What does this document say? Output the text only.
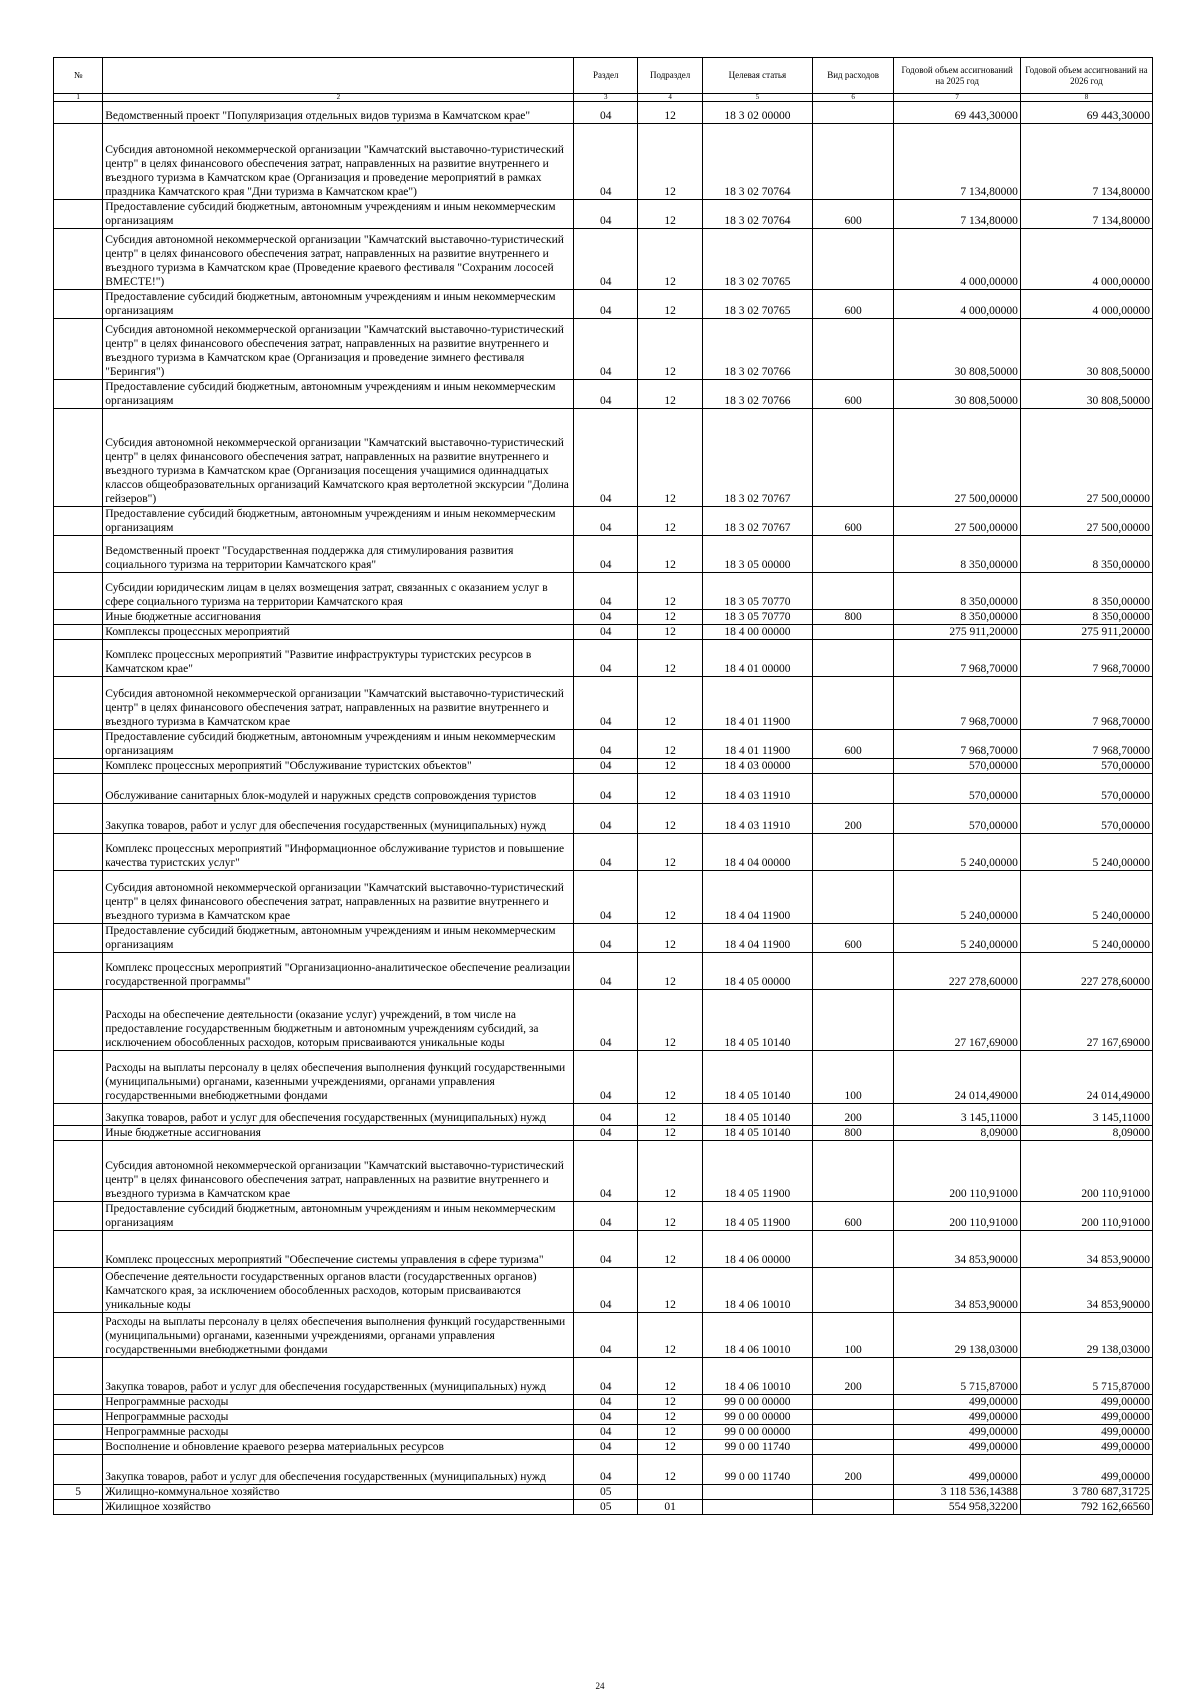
№		Раздел	Подраздел	Целевая статья	Вид расходов	Годовой объем ассигнований на 2025 год	Годовой объем ассигнований на 2026 год
1	2	3	4	5	6	7	8
	Ведомственный проект "Популяризация отдельных видов туризма в Камчатском крае"	04	12	18 3 02 00000		69 443,30000	69 443,30000
	Субсидия автономной некоммерческой организации "Камчатский выставочно-туристический центр" в целях финансового обеспечения затрат, направленных на развитие внутреннего и въездного туризма в Камчатском крае (Организация и проведение мероприятий в рамках праздника Камчатского края "Дни туризма в Камчатском крае")	04	12	18 3 02 70764		7 134,80000	7 134,80000
	Предоставление субсидий бюджетным, автономным учреждениям и иным некоммерческим организациям	04	12	18 3 02 70764	600	7 134,80000	7 134,80000
	Субсидия автономной некоммерческой организации "Камчатский выставочно-туристический центр" в целях финансового обеспечения затрат, направленных на развитие внутреннего и въездного туризма в Камчатском крае (Проведение краевого фестиваля "Сохраним лососей ВМЕСТЕ!")	04	12	18 3 02 70765		4 000,00000	4 000,00000
	Предоставление субсидий бюджетным, автономным учреждениям и иным некоммерческим организациям	04	12	18 3 02 70765	600	4 000,00000	4 000,00000
	Субсидия автономной некоммерческой организации "Камчатский выставочно-туристический центр" в целях финансового обеспечения затрат, направленных на развитие внутреннего и въездного туризма в Камчатском крае (Организация и проведение зимнего фестиваля "Берингия")	04	12	18 3 02 70766		30 808,50000	30 808,50000
	Предоставление субсидий бюджетным, автономным учреждениям и иным некоммерческим организациям	04	12	18 3 02 70766	600	30 808,50000	30 808,50000
	Субсидия автономной некоммерческой организации "Камчатский выставочно-туристический центр" в целях финансового обеспечения затрат, направленных на развитие внутреннего и въездного туризма в Камчатском крае (Организация посещения учащимися одиннадцатых классов общеобразовательных организаций Камчатского края вертолетной экскурсии "Долина гейзеров")	04	12	18 3 02 70767		27 500,00000	27 500,00000
	Предоставление субсидий бюджетным, автономным учреждениям и иным некоммерческим организациям	04	12	18 3 02 70767	600	27 500,00000	27 500,00000
	Ведомственный проект "Государственная поддержка для стимулирования развития социального туризма на территории Камчатского края"	04	12	18 3 05 00000		8 350,00000	8 350,00000
	Субсидии юридическим лицам в целях возмещения затрат, связанных с оказанием услуг в сфере социального туризма на территории Камчатского края	04	12	18 3 05 70770		8 350,00000	8 350,00000
	Иные бюджетные ассигнования	04	12	18 3 05 70770	800	8 350,00000	8 350,00000
	Комплексы процессных мероприятий	04	12	18 4 00 00000		275 911,20000	275 911,20000
	Комплекс процессных мероприятий "Развитие инфраструктуры туристских ресурсов в Камчатском крае"	04	12	18 4 01 00000		7 968,70000	7 968,70000
	Субсидия автономной некоммерческой организации "Камчатский выставочно-туристический центр" в целях финансового обеспечения затрат, направленных на развитие внутреннего и въездного туризма в Камчатском крае	04	12	18 4 01 11900		7 968,70000	7 968,70000
	Предоставление субсидий бюджетным, автономным учреждениям и иным некоммерческим организациям	04	12	18 4 01 11900	600	7 968,70000	7 968,70000
	Комплекс процессных мероприятий "Обслуживание туристских объектов"	04	12	18 4 03 00000		570,00000	570,00000
	Обслуживание санитарных блок-модулей и наружных средств сопровождения туристов	04	12	18 4 03 11910		570,00000	570,00000
	Закупка товаров, работ и услуг для обеспечения государственных (муниципальных) нужд	04	12	18 4 03 11910	200	570,00000	570,00000
	Комплекс процессных мероприятий "Информационное обслуживание туристов и повышение качества туристских услуг"	04	12	18 4 04 00000		5 240,00000	5 240,00000
	Субсидия автономной некоммерческой организации "Камчатский выставочно-туристический центр" в целях финансового обеспечения затрат, направленных на развитие внутреннего и въездного туризма в Камчатском крае	04	12	18 4 04 11900		5 240,00000	5 240,00000
	Предоставление субсидий бюджетным, автономным учреждениям и иным некоммерческим организациям	04	12	18 4 04 11900	600	5 240,00000	5 240,00000
	Комплекс процессных мероприятий "Организационно-аналитическое обеспечение реализации государственной программы"	04	12	18 4 05 00000		227 278,60000	227 278,60000
	Расходы на обеспечение деятельности (оказание услуг) учреждений, в том числе на предоставление государственным бюджетным и автономным учреждениям субсидий, за исключением обособленных расходов, которым присваиваются уникальные коды	04	12	18 4 05 10140		27 167,69000	27 167,69000
	Расходы на выплаты персоналу в целях обеспечения выполнения функций государственными (муниципальными) органами, казенными учреждениями, органами управления государственными внебюджетными фондами	04	12	18 4 05 10140	100	24 014,49000	24 014,49000
	Закупка товаров, работ и услуг для обеспечения государственных (муниципальных) нужд	04	12	18 4 05 10140	200	3 145,11000	3 145,11000
	Иные бюджетные ассигнования	04	12	18 4 05 10140	800	8,09000	8,09000
	Субсидия автономной некоммерческой организации "Камчатский выставочно-туристический центр" в целях финансового обеспечения затрат, направленных на развитие внутреннего и въездного туризма в Камчатском крае	04	12	18 4 05 11900		200 110,91000	200 110,91000
	Предоставление субсидий бюджетным, автономным учреждениям и иным некоммерческим организациям	04	12	18 4 05 11900	600	200 110,91000	200 110,91000
	Комплекс процессных мероприятий "Обеспечение системы управления в сфере туризма"	04	12	18 4 06 00000		34 853,90000	34 853,90000
	Обеспечение деятельности государственных органов власти (государственных органов) Камчатского края, за исключением обособленных расходов, которым присваиваются уникальные коды	04	12	18 4 06 10010		34 853,90000	34 853,90000
	Расходы на выплаты персоналу в целях обеспечения выполнения функций государственными (муниципальными) органами, казенными учреждениями, органами управления государственными внебюджетными фондами	04	12	18 4 06 10010	100	29 138,03000	29 138,03000
	Закупка товаров, работ и услуг для обеспечения государственных (муниципальных) нужд	04	12	18 4 06 10010	200	5 715,87000	5 715,87000
	Непрограммные расходы	04	12	99 0 00 00000		499,00000	499,00000
	Непрограммные расходы	04	12	99 0 00 00000		499,00000	499,00000
	Непрограммные расходы	04	12	99 0 00 00000		499,00000	499,00000
	Восполнение и обновление краевого резерва материальных ресурсов	04	12	99 0 00 11740		499,00000	499,00000
	Закупка товаров, работ и услуг для обеспечения государственных (муниципальных) нужд	04	12	99 0 00 11740	200	499,00000	499,00000
5	Жилищно-коммунальное хозяйство	05				3 118 536,14388	3 780 687,31725
	Жилищное хозяйство	05	01			554 958,32200	792 162,66560
24
